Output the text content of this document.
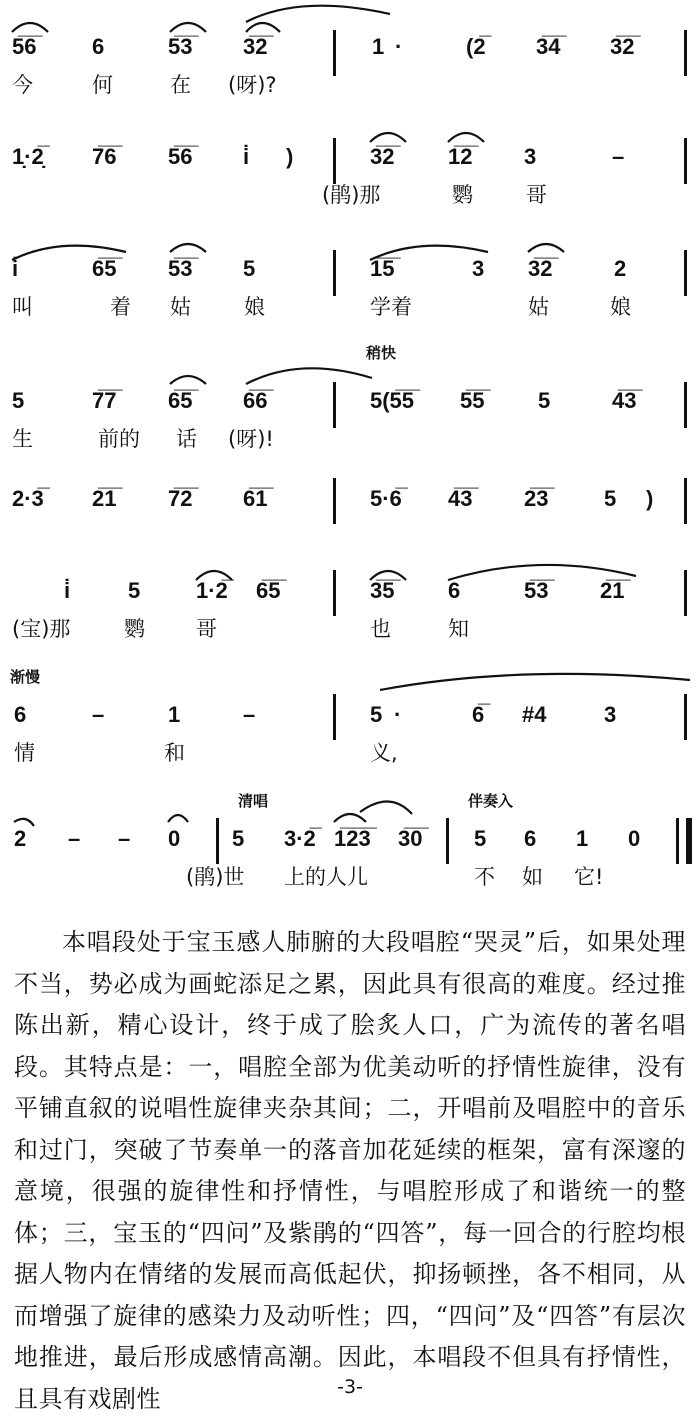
5̅6̅	6	5̅3̅ 3̅2̅	1 ·	(2̅ 3̅4̅ 3̅2̅
今	何	在 (呀)?
1̣·2̣̅ 7̅6̅ 5̅6̅ i̇ )	3̅2̅ 1̅2̅ 3	–
(鹃)那	鹦	哥
i̇	6̅5̅ 5̅3̅ 5	1̅5̅	3 3̅2̅	2
叫	着 姑	娘	学着	姑	娘
稍快
5	7̅7̅ 6̅5̅ 6̅6̅	5(5̅5̅ 5̅5̅ 5	4̅3̅
生	前的 话 (呀)!
2·3̅ 2̅1̅ 7̅2̅ 6̅1̅	5·6̅ 4̅3̅ 2̅3̅	5 )
i̇	5	1·2̅ 6̅5̅	3̅5̅ 6	5̅3̅ 2̅1̅
(宝)那	鹦 哥	也	知
渐慢
6	–	1	–	5 ·	6̅ #4	3
情	和	义,
清唱	伴奏入
2 – – 0 5 3·2̅ 1̅2̅3̅ 3̅0̅ 5 6 1 0
(鹃)世 上的人儿	不 如 它!

本唱段处于宝玉感人肺腑的大段唱腔“哭灵”后，如果处理不当，势必成为画蛇添足之累，因此具有很高的难度。经过推陈出新，精心设计，终于成了脍炙人口，广为流传的著名唱段。其特点是：一，唱腔全部为优美动听的抒情性旋律，没有平铺直叙的说唱性旋律夹杂其间；二，开唱前及唱腔中的音乐和过门，突破了节奏单一的落音加花延续的框架，富有深邃的意境，很强的旋律性和抒情性，与唱腔形成了和谐统一的整体；三，宝玉的“四问”及紫鹃的“四答”，每一回合的行腔均根据人物内在情绪的发展而高低起伏，抑扬顿挫，各不相同，从而增强了旋律的感染力及动听性；四，“四问”及“四答”有层次地推进，最后形成感情高潮。因此，本唱段不但具有抒情性，且具有戏剧性	-3-
